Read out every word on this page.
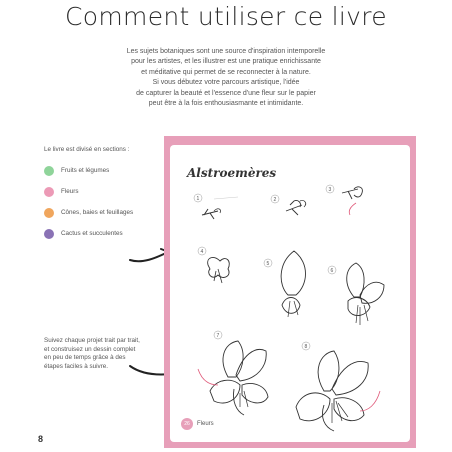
Comment utiliser ce livre
Les sujets botaniques sont une source d'inspiration intemporelle
pour les artistes, et les illustrer est une pratique enrichissante
et méditative qui permet de se reconnecter à la nature.
Si vous débutez votre parcours artistique, l'idée
de capturer la beauté et l'essence d'une fleur sur le papier
peut être à la fois enthousiasmante et intimidante.
Le livre est divisé en sections :
Fruits et légumes
Fleurs
Cônes, baies et feuillages
Cactus et succulentes
Suivez chaque projet trait par trait, et construisez un dessin complet en peu de temps grâce à des étapes faciles à suivre.
8
Alstroemères
1	2
3
4
5
6
7
8
26	Fleurs
